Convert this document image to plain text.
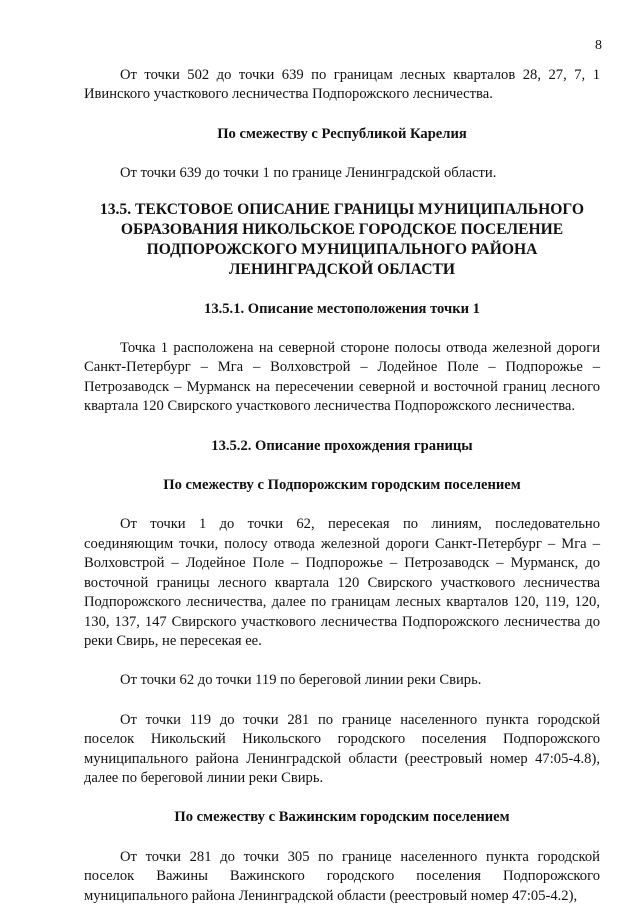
8

От точки 502 до точки 639 по границам лесных кварталов 28, 27, 7, 1 Ивинского участкового лесничества Подпорожского лесничества.

По смежеству с Республикой Карелия

От точки 639 до точки 1 по границе Ленинградской области.

13.5. ТЕКСТОВОЕ ОПИСАНИЕ ГРАНИЦЫ МУНИЦИПАЛЬНОГО ОБРАЗОВАНИЯ НИКОЛЬСКОЕ ГОРОДСКОЕ ПОСЕЛЕНИЕ ПОДПОРОЖСКОГО МУНИЦИПАЛЬНОГО РАЙОНА ЛЕНИНГРАДСКОЙ ОБЛАСТИ

13.5.1. Описание местоположения точки 1

Точка 1 расположена на северной стороне полосы отвода железной дороги Санкт-Петербург – Мга – Волховстрой – Лодейное Поле – Подпорожье – Петрозаводск – Мурманск на пересечении северной и восточной границ лесного квартала 120 Свирского участкового лесничества Подпорожского лесничества.

13.5.2. Описание прохождения границы

По смежеству с Подпорожским городским поселением

От точки 1 до точки 62, пересекая по линиям, последовательно соединяющим точки, полосу отвода железной дороги Санкт-Петербург – Мга – Волховстрой – Лодейное Поле – Подпорожье – Петрозаводск – Мурманск, до восточной границы лесного квартала 120 Свирского участкового лесничества Подпорожского лесничества, далее по границам лесных кварталов 120, 119, 120, 130, 137, 147 Свирского участкового лесничества Подпорожского лесничества до реки Свирь, не пересекая ее.

От точки 62 до точки 119 по береговой линии реки Свирь.

От точки 119 до точки 281 по границе населенного пункта городской поселок Никольский Никольского городского поселения Подпорожского муниципального района Ленинградской области (реестровый номер 47:05-4.8), далее по береговой линии реки Свирь.

По смежеству с Важинским городским поселением

От точки 281 до точки 305 по границе населенного пункта городской поселок Важины Важинского городского поселения Подпорожского муниципального района Ленинградской области (реестровый номер 47:05-4.2),
